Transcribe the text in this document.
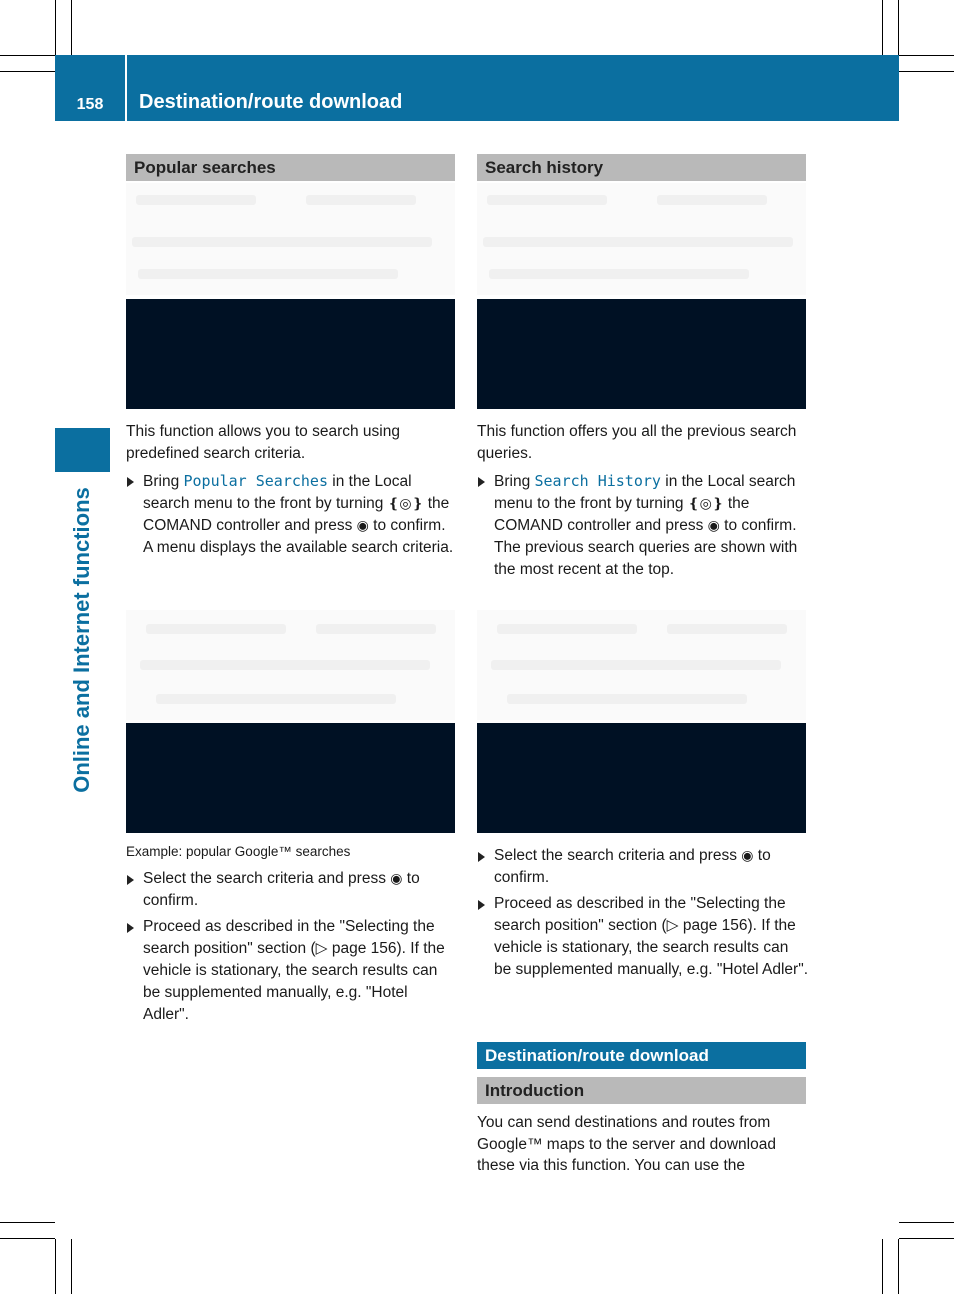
158	Destination/route download
Online and Internet functions
Popular searches
This function allows you to search using predefined search criteria.
Bring Popular Searches in the Local search menu to the front by turning ❴◎❵ the COMAND controller and press ◉ to confirm.
A menu displays the available search criteria.
Example: popular Google™ searches
Select the search criteria and press ◉ to confirm.
Proceed as described in the "Selecting the search position" section (▷ page 156). If the vehicle is stationary, the search results can be supplemented manually, e.g. "Hotel Adler".
Search history
This function offers you all the previous search queries.
Bring Search History in the Local search menu to the front by turning ❴◎❵ the COMAND controller and press ◉ to confirm.
The previous search queries are shown with the most recent at the top.
Select the search criteria and press ◉ to confirm.
Proceed as described in the "Selecting the search position" section (▷ page 156). If the vehicle is stationary, the search results can be supplemented manually, e.g. "Hotel Adler".
Destination/route download
Introduction
You can send destinations and routes from Google™ maps to the server and download these via this function. You can use the
